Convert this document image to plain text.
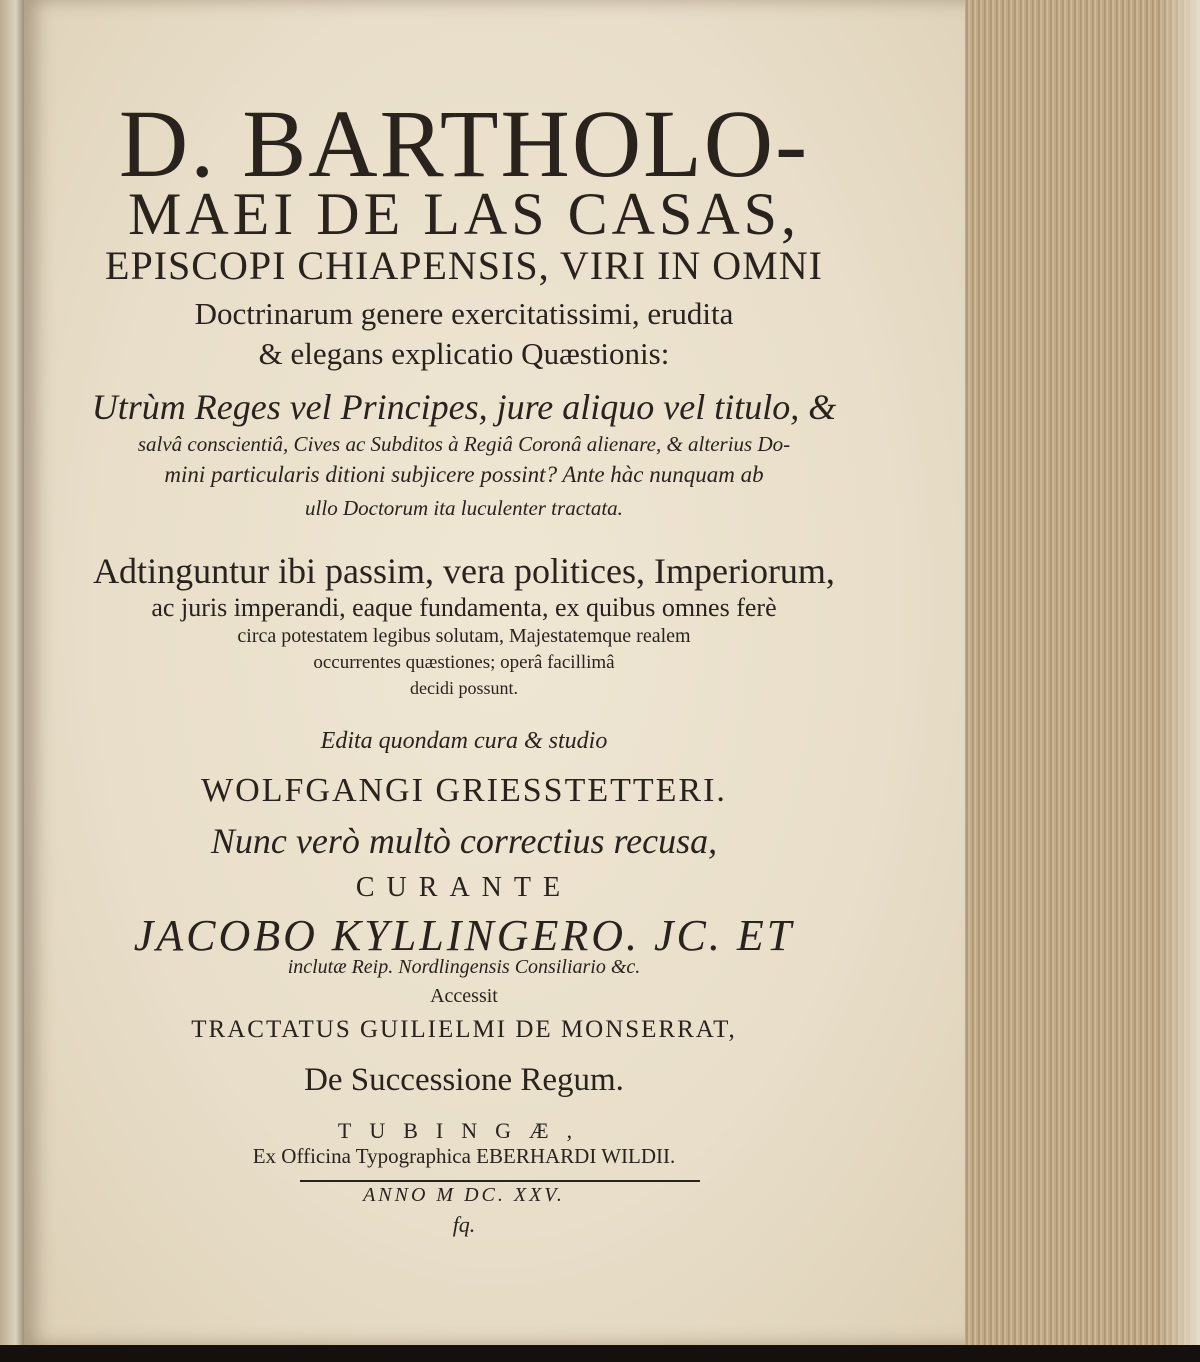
D. BARTHOLO-
MAEI DE LAS CASAS,
EPISCOPI CHIAPENSIS, VIRI IN OMNI
Doctrinarum genere exercitatissimi, erudita
& elegans explicatio Quæstionis:
Utrùm Reges vel Principes, jure aliquo vel titulo, &
salvâ conscientiâ, Cives ac Subditos à Regiâ Coronâ alienare, & alterius Do-
mini particularis ditioni subjicere possint? Ante hàc nunquam ab
ullo Doctorum ita luculenter tractata.
Adtinguntur ibi passim, vera politices, Imperiorum,
ac juris imperandi, eaque fundamenta, ex quibus omnes ferè
circa potestatem legibus solutam, Majestatemque realem
occurrentes quæstiones; operâ facillimâ
decidi possunt.
Edita quondam cura & studio
WOLFGANGI GRIESSTETTERI.
Nunc verò multò correctius recusa,
CURANTE
JACOBO KYLLINGERO. JC. ET
inclutæ Reip. Nordlingensis Consiliario &c.
Accessit
TRACTATUS GUILIELMI DE MONSERRAT,
De Successione Regum.
TUBINGÆ,
Ex Officina Typographica EBERHARDI WILDII.
ANNO M DC. XXV.
fq.
